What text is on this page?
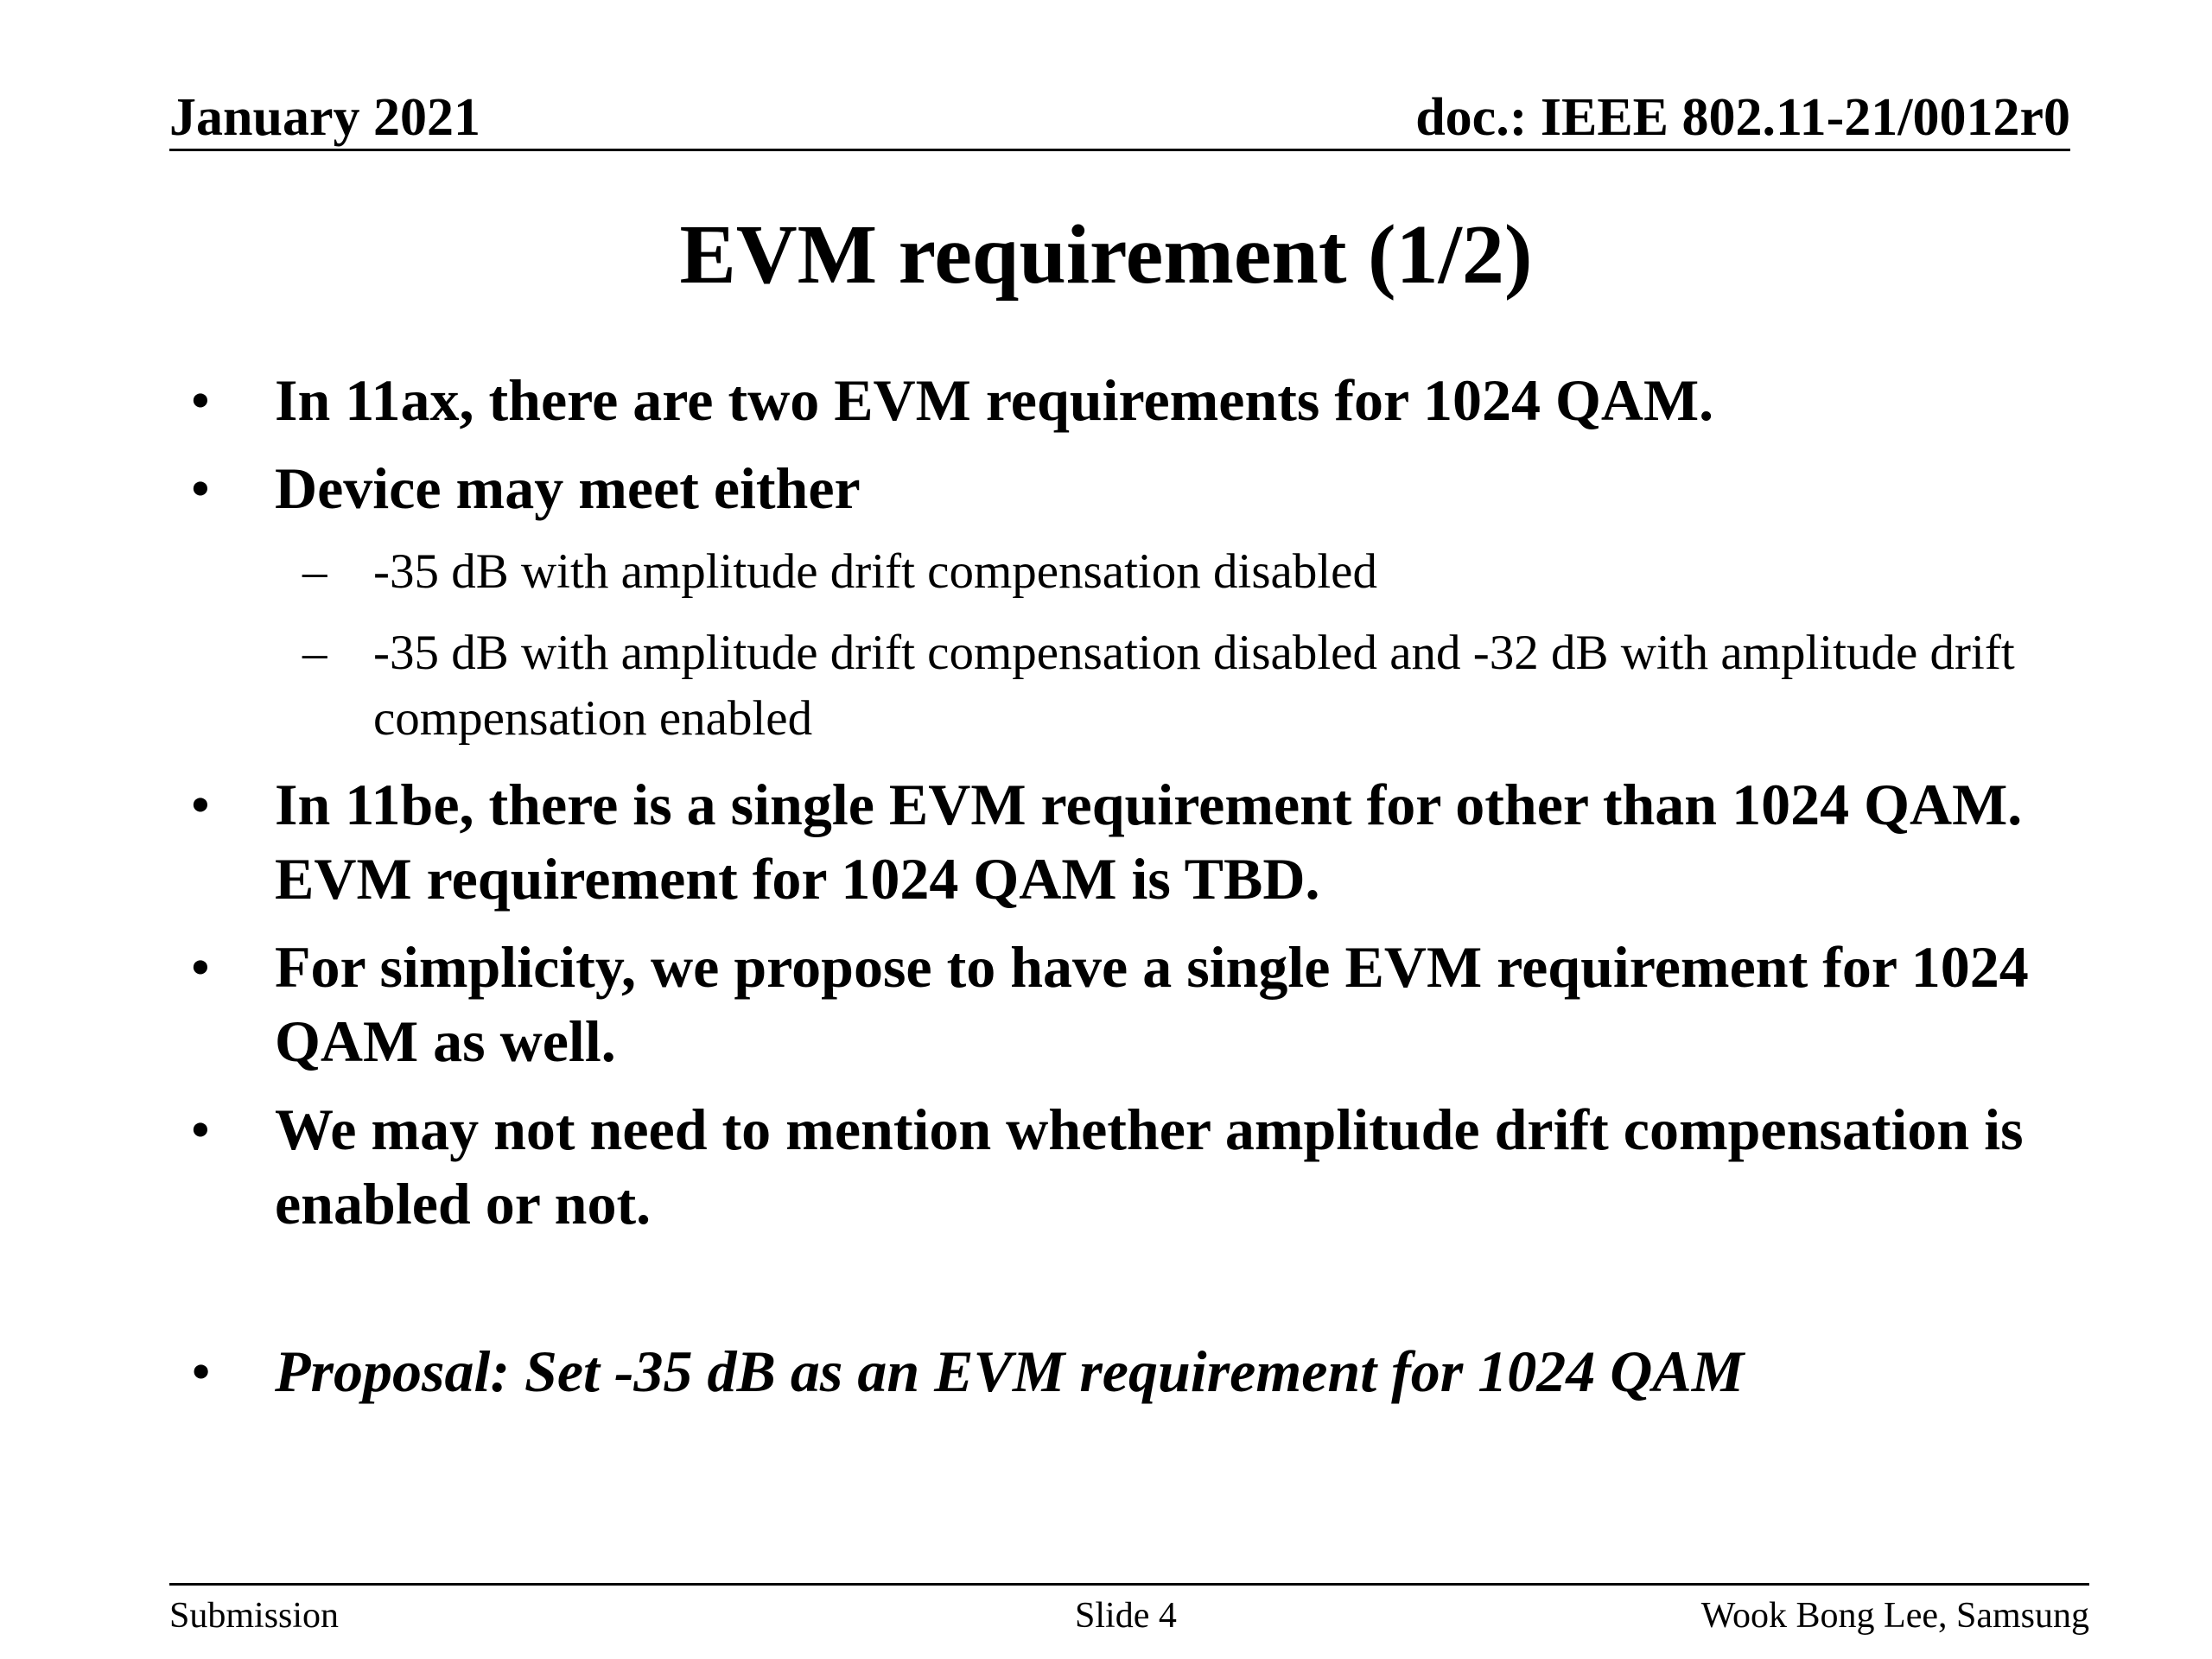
January 2021	doc.: IEEE 802.11-21/0012r0
EVM requirement (1/2)
• In 11ax, there are two EVM requirements for 1024 QAM.
• Device may meet either
– -35 dB with amplitude drift compensation disabled
– -35 dB with amplitude drift compensation disabled and -32 dB with amplitude drift compensation enabled
• In 11be, there is a single EVM requirement for other than 1024 QAM. EVM requirement for 1024 QAM is TBD.
• For simplicity, we propose to have a single EVM requirement for 1024 QAM as well.
• We may not need to mention whether amplitude drift compensation is enabled or not.
• Proposal: Set -35 dB as an EVM requirement for 1024 QAM
Submission	Slide 4	Wook Bong Lee, Samsung
